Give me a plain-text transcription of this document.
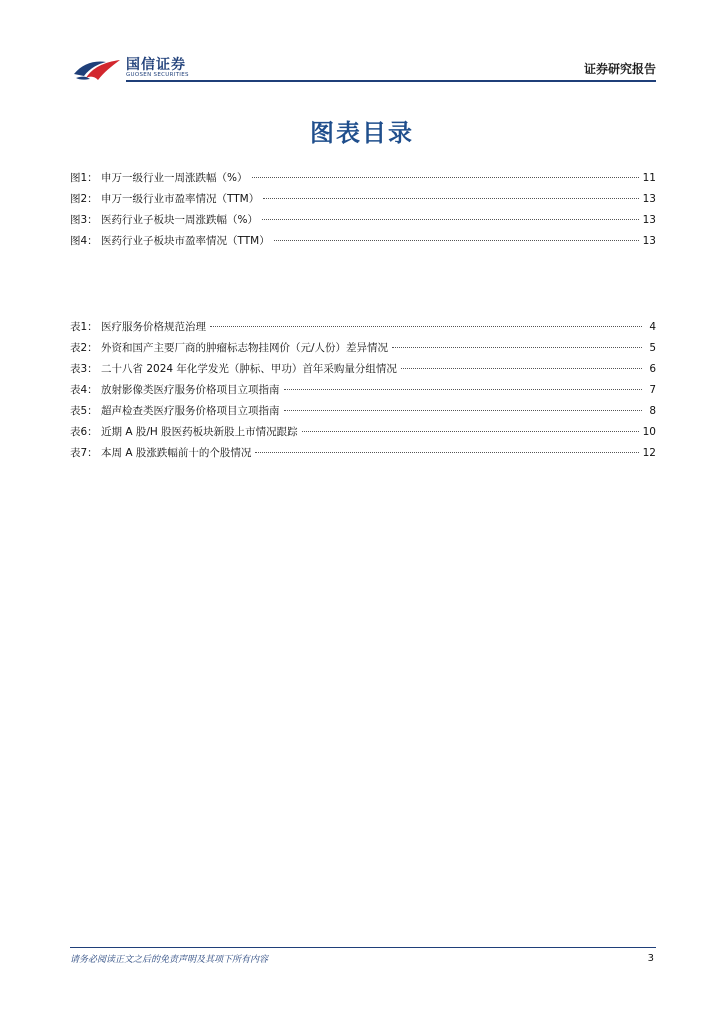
国信证券
GUOSEN SECURITIES	证券研究报告
图表目录
图1： 申万一级行业一周涨跌幅（%）	11
图2： 申万一级行业市盈率情况（TTM）	13
图3： 医药行业子板块一周涨跌幅（%）	13
图4： 医药行业子板块市盈率情况（TTM）	13
表1： 医疗服务价格规范治理	4
表2： 外资和国产主要厂商的肿瘤标志物挂网价（元/人份）差异情况	5
表3： 二十八省 2024 年化学发光（肿标、甲功）首年采购量分组情况	6
表4： 放射影像类医疗服务价格项目立项指南	7
表5： 超声检查类医疗服务价格项目立项指南	8
表6： 近期 A 股/H 股医药板块新股上市情况跟踪	10
表7： 本周 A 股涨跌幅前十的个股情况	12
请务必阅读正文之后的免责声明及其项下所有内容	3
